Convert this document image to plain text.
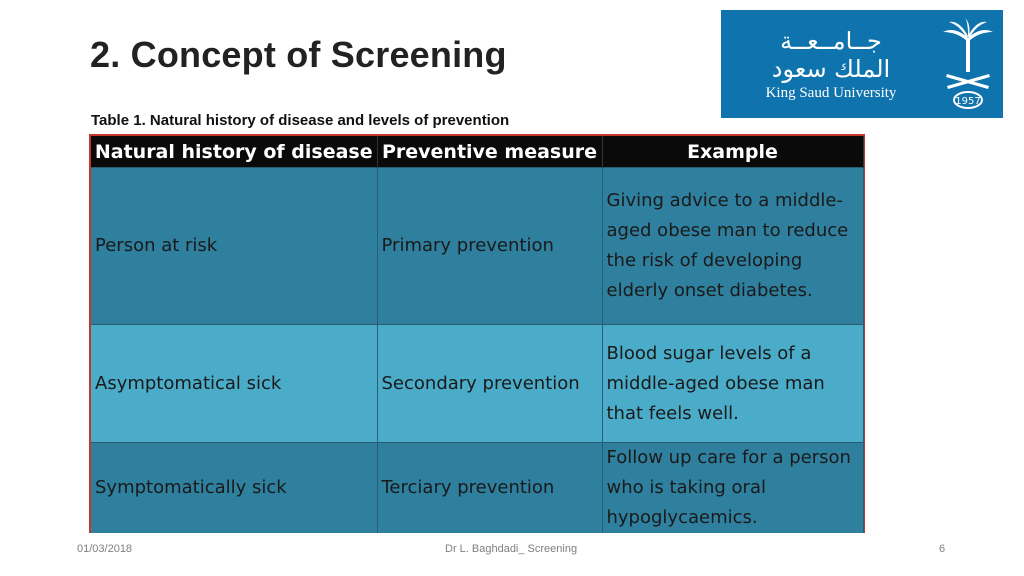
2. Concept of Screening
Table 1. Natural history of disease and levels of prevention
جــامــعــة
الملك سعود
King Saud University
1957
Natural history of disease	Preventive measure	Example
Person at risk	Primary prevention	Giving advice to a middle-aged obese man to reduce the risk of developing elderly onset diabetes.
Asymptomatical sick	Secondary prevention	Blood sugar levels of a middle-aged obese man that feels well.
Symptomatically sick	Terciary prevention	Follow up care for a person who is taking oral hypoglycaemics.
01/03/2018	Dr L. Baghdadi_ Screening	6
